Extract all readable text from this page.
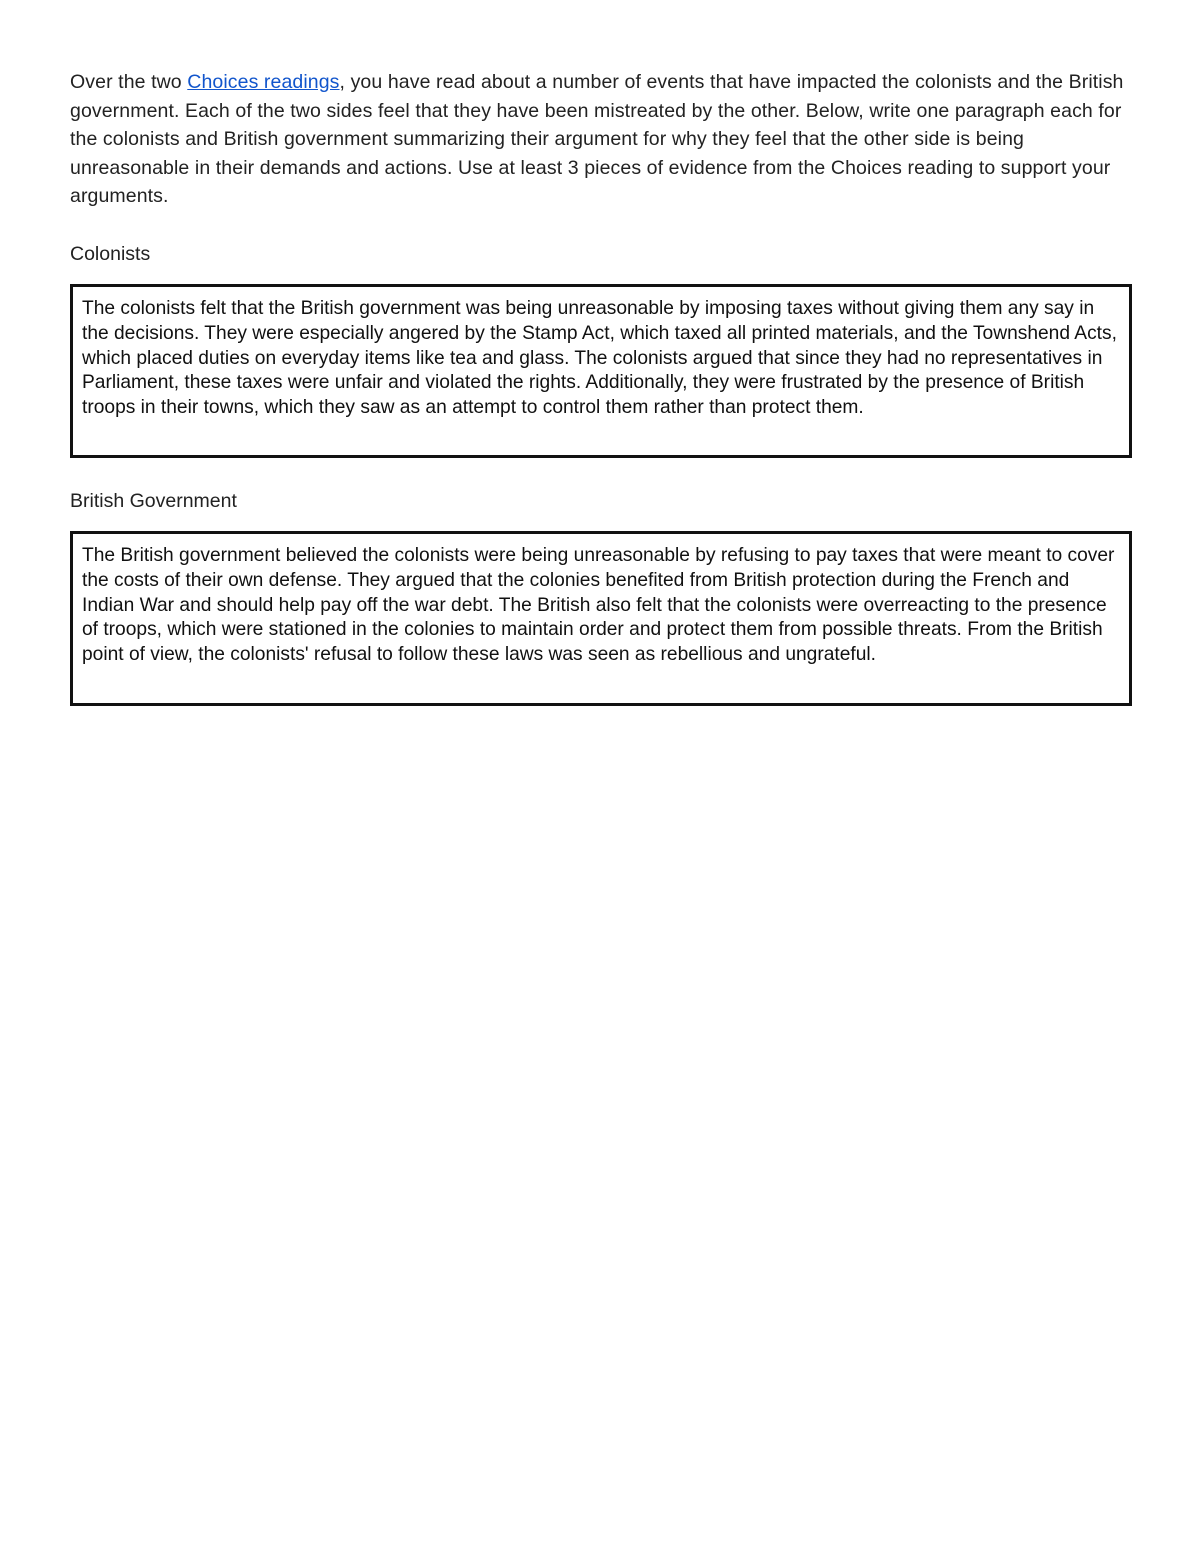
Over the two Choices readings, you have read about a number of events that have impacted the colonists and the British government. Each of the two sides feel that they have been mistreated by the other. Below, write one paragraph each for the colonists and British government summarizing their argument for why they feel that the other side is being unreasonable in their demands and actions. Use at least 3 pieces of evidence from the Choices reading to support your arguments.

Colonists

The colonists felt that the British government was being unreasonable by imposing taxes without giving them any say in the decisions. They were especially angered by the Stamp Act, which taxed all printed materials, and the Townshend Acts, which placed duties on everyday items like tea and glass. The colonists argued that since they had no representatives in Parliament, these taxes were unfair and violated the rights. Additionally, they were frustrated by the presence of British troops in their towns, which they saw as an attempt to control them rather than protect them.

British Government

The British government believed the colonists were being unreasonable by refusing to pay taxes that were meant to cover the costs of their own defense. They argued that the colonies benefited from British protection during the French and Indian War and should help pay off the war debt. The British also felt that the colonists were overreacting to the presence of troops, which were stationed in the colonies to maintain order and protect them from possible threats. From the British point of view, the colonists' refusal to follow these laws was seen as rebellious and ungrateful.
